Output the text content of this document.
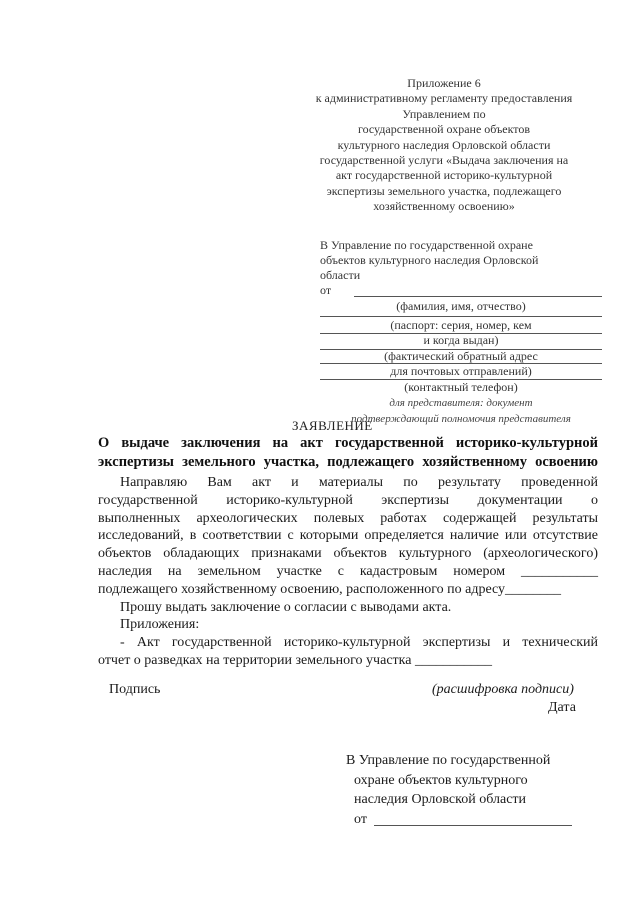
Приложение 6
к административному регламенту предоставления
Управлением по
государственной охране объектов
культурного наследия Орловской области
государственной услуги «Выдача заключения на
акт государственной историко-культурной
экспертизы земельного участка, подлежащего
хозяйственному освоению»
В Управление по государственной охране
объектов культурного наследия Орловской
области
от
(фамилия, имя, отчество)
(паспорт: серия, номер, кем
и когда выдан)
(фактический обратный адрес
для почтовых отправлений)
(контактный телефон)
для представителя: документ
подтверждающий полномочия представителя
ЗАЯВЛЕНИЕ
О выдаче заключения на акт государственной историко-культурной
экспертизы земельного участка, подлежащего хозяйственному освоению
Направляю Вам акт и материалы по результату проведенной
государственной историко-культурной экспертизы документации о
выполненных археологических полевых работах содержащей результаты
исследований, в соответствии с которыми определяется наличие или отсутствие
объектов обладающих признаками объектов культурного (археологического)
наследия на земельном участке с кадастровым номером ___________
подлежащего хозяйственному освоению, расположенного по адресу________
Прошу выдать заключение о согласии с выводами акта.
Приложения:
- Акт государственной историко-культурной экспертизы и технический
отчет о разведках на территории земельного участка ___________
Подпись	(расшифровка подписи)
Дата
В Управление по государственной
охране объектов культурного
наследия Орловской области
от
